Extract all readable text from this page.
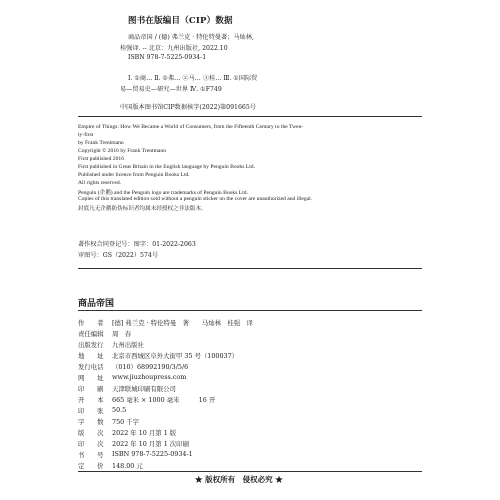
图书在版编目（CIP）数据
商品帝国 / (德) 弗兰克 · 特伦特曼著；马灿林,
桂强译. -- 北京：九州出版社, 2022.10
ISBN 978-7-5225-0934-1
Ⅰ. ①商… Ⅱ. ①弗… ②马… ③桂… Ⅲ. ①国际贸
易—贸易史—研究—世界 Ⅳ. ①F749
中国版本图书馆CIP数据核字(2022)第091665号
Empire of Things: How We Became a World of Consumers, from the Fifteenth Century to the Twen-
ty-first
by Frank Trentmann
Copyright © 2016 by Frank Trentmann
First published 2016
First published in Great Britain in the English language by Penguin Books Ltd.
Published under licence from Penguin Books Ltd.
All rights reserved.
Penguin (企鹅) and the Penguin logo are trademarks of Penguin Books Ltd.
Copies of this translated edition sold without a penguin sticker on the cover are unauthorized and illegal.
封底凡无企鹅防伪标识者均属未经授权之非法版本。
著作权合同登记号：图字：01-2022-2063
审图号：GS（2022）574号
商品帝国
作　　者	[德] 弗兰克 · 特伦特曼　著　　马灿林　桂强　译
责任编辑	周　春
出版发行	九州出版社
地　　址	北京市西城区阜外大街甲 35 号（100037）
发行电话	（010）68992190/3/5/6
网　　址	www.jiuzhoupress.com
印　　刷	天津联城印刷有限公司
开　　本	665 毫米 × 1000 毫米　　　16 开
印　　张	50.5
字　　数	750 千字
版　　次	2022 年 10 月第 1 版
印　　次	2022 年 10 月第 1 次印刷
书　　号	ISBN 978-7-5225-0934-1
定　　价	148.00 元
★ 版权所有　侵权必究 ★
